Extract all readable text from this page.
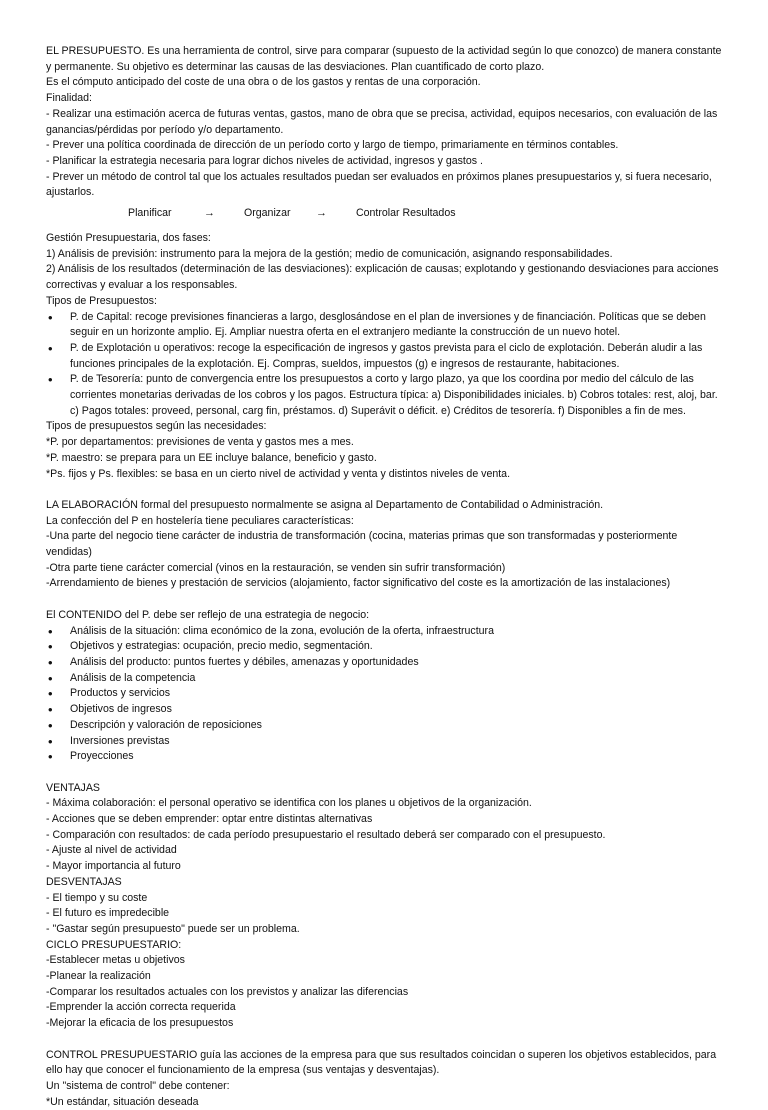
EL PRESUPUESTO. Es una herramienta de control, sirve para comparar (supuesto de la actividad según lo que conozco) de manera constante y permanente. Su objetivo es determinar las causas de las desviaciones. Plan cuantificado de corto plazo.
Es el cómputo anticipado del coste de una obra o de los gastos y rentas de una corporación.
Finalidad:
- Realizar una estimación acerca de futuras ventas, gastos, mano de obra que se precisa, actividad, equipos necesarios, con evaluación de las ganancias/pérdidas por período y/o departamento.
- Prever una política coordinada de dirección de un período corto y largo de tiempo, primariamente en términos contables.
- Planificar la estrategia necesaria para lograr dichos niveles de actividad, ingresos y gastos .
- Prever un método de control tal que los actuales resultados puedan ser evaluados en próximos planes presupuestarios y, si fuera necesario, ajustarlos.
Planificar	→	Organizar	→	Controlar Resultados
Gestión Presupuestaria, dos fases:
1) Análisis de previsión: instrumento para la mejora de la gestión; medio de comunicación, asignando responsabilidades.
2) Análisis de los resultados (determinación de las desviaciones): explicación de causas; explotando y gestionando desviaciones para acciones correctivas y evaluar a los responsables.
Tipos de Presupuestos:
• P. de Capital: recoge previsiones financieras a largo, desglosándose en el plan de inversiones y de financiación. Políticas que se deben seguir en un horizonte amplio. Ej. Ampliar nuestra oferta en el extranjero mediante la construcción de un nuevo hotel.
• P. de Explotación u operativos: recoge la especificación de ingresos y gastos prevista para el ciclo de explotación. Deberán aludir a las funciones principales de la explotación. Ej. Compras, sueldos, impuestos (g) e ingresos de restaurante, habitaciones.
• P. de Tesorería: punto de convergencia entre los presupuestos a corto y largo plazo, ya que los coordina por medio del cálculo de las corrientes monetarias derivadas de los cobros y los pagos. Estructura típica: a) Disponibilidades iniciales. b) Cobros totales: rest, aloj, bar. c) Pagos totales: proveed, personal, carg fin, préstamos. d) Superávit o déficit. e) Créditos de tesorería. f) Disponibles a fin de mes.
Tipos de presupuestos según las necesidades:
*P. por departamentos: previsiones de venta y gastos mes a mes.
*P. maestro: se prepara para un EE incluye balance, beneficio y gasto.
*Ps. fijos y Ps. flexibles: se basa en un cierto nivel de actividad y venta y distintos niveles de venta.
LA ELABORACIÓN formal del presupuesto normalmente se asigna al Departamento de Contabilidad o Administración.
La confección del P en hostelería tiene peculiares características:
-Una parte del negocio tiene carácter de industria de transformación (cocina, materias primas que son transformadas y posteriormente vendidas)
-Otra parte tiene carácter comercial (vinos en la restauración, se venden sin sufrir transformación)
-Arrendamiento de bienes y prestación de servicios (alojamiento, factor significativo del coste es la amortización de las instalaciones)
El CONTENIDO del P. debe ser reflejo de una estrategia de negocio:
• Análisis de la situación: clima económico de la zona, evolución de la oferta, infraestructura
• Objetivos y estrategias: ocupación, precio medio, segmentación.
• Análisis del producto: puntos fuertes y débiles, amenazas y oportunidades
• Análisis de la competencia
• Productos y servicios
• Objetivos de ingresos
• Descripción y valoración de reposiciones
• Inversiones previstas
• Proyecciones
VENTAJAS
- Máxima colaboración: el personal operativo se identifica con los planes u objetivos de la organización.
- Acciones que se deben emprender: optar entre distintas alternativas
- Comparación con resultados: de cada período presupuestario el resultado deberá ser comparado con el presupuesto.
- Ajuste al nivel de actividad
- Mayor importancia al futuro
DESVENTAJAS
- El tiempo y su coste
- El futuro es impredecible
- "Gastar según presupuesto" puede ser un problema.
CICLO PRESUPUESTARIO:
-Establecer metas u objetivos
-Planear la realización
-Comparar los resultados actuales con los previstos y analizar las diferencias
-Emprender la acción correcta requerida
-Mejorar la eficacia de los presupuestos
CONTROL PRESUPUESTARIO guía las acciones de la empresa para que sus resultados coincidan o superen los objetivos establecidos, para ello hay que conocer el funcionamiento de la empresa (sus ventajas y desventajas).
Un "sistema de control" debe contener:
*Un estándar, situación deseada
